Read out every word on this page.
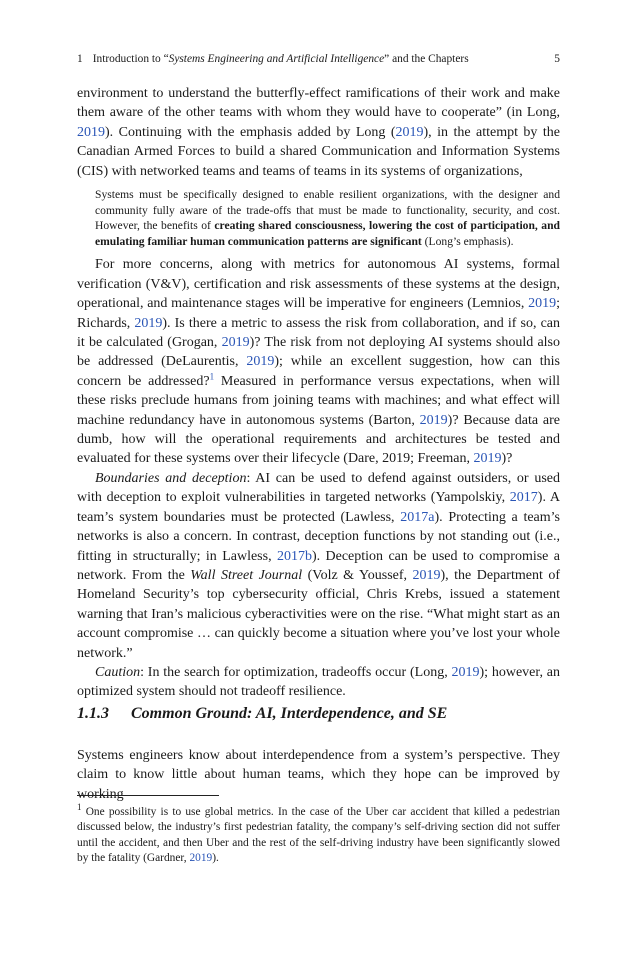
1 Introduction to “Systems Engineering and Artificial Intelligence” and the Chapters	5

environment to understand the butterfly-effect ramifications of their work and make them aware of the other teams with whom they would have to cooperate” (in Long, 2019). Continuing with the emphasis added by Long (2019), in the attempt by the Canadian Armed Forces to build a shared Communication and Information Systems (CIS) with networked teams and teams of teams in its systems of organizations,

Systems must be specifically designed to enable resilient organizations, with the designer and community fully aware of the trade-offs that must be made to functionality, security, and cost. However, the benefits of creating shared consciousness, lowering the cost of participation, and emulating familiar human communication patterns are significant (Long’s emphasis).

For more concerns, along with metrics for autonomous AI systems, formal verification (V&V), certification and risk assessments of these systems at the design, operational, and maintenance stages will be imperative for engineers (Lemnios, 2019; Richards, 2019). Is there a metric to assess the risk from collaboration, and if so, can it be calculated (Grogan, 2019)? The risk from not deploying AI systems should also be addressed (DeLaurentis, 2019); while an excellent suggestion, how can this concern be addressed?$^1$ Measured in performance versus expectations, when will these risks preclude humans from joining teams with machines; and what effect will machine redundancy have in autonomous systems (Barton, 2019)? Because data are dumb, how will the operational requirements and architectures be tested and evaluated for these systems over their lifecycle (Dare, 2019; Freeman, 2019)?

Boundaries and deception: AI can be used to defend against outsiders, or used with deception to exploit vulnerabilities in targeted networks (Yampolskiy, 2017). A team’s system boundaries must be protected (Lawless, 2017a). Protecting a team’s networks is also a concern. In contrast, deception functions by not standing out (i.e., fitting in structurally; in Lawless, 2017b). Deception can be used to compromise a network. From the Wall Street Journal (Volz & Youssef, 2019), the Department of Homeland Security’s top cybersecurity official, Chris Krebs, issued a statement warning that Iran’s malicious cyberactivities were on the rise. “What might start as an account compromise … can quickly become a situation where you’ve lost your whole network.”

Caution: In the search for optimization, tradeoffs occur (Long, 2019); however, an optimized system should not tradeoff resilience.

1.1.3 Common Ground: AI, Interdependence, and SE

Systems engineers know about interdependence from a system’s perspective. They claim to know little about human teams, which they hope can be improved by working

$^1$ One possibility is to use global metrics. In the case of the Uber car accident that killed a pedestrian discussed below, the industry’s first pedestrian fatality, the company’s self-driving section did not suffer until the accident, and then Uber and the rest of the self-driving industry have been significantly slowed by the fatality (Gardner, 2019).
